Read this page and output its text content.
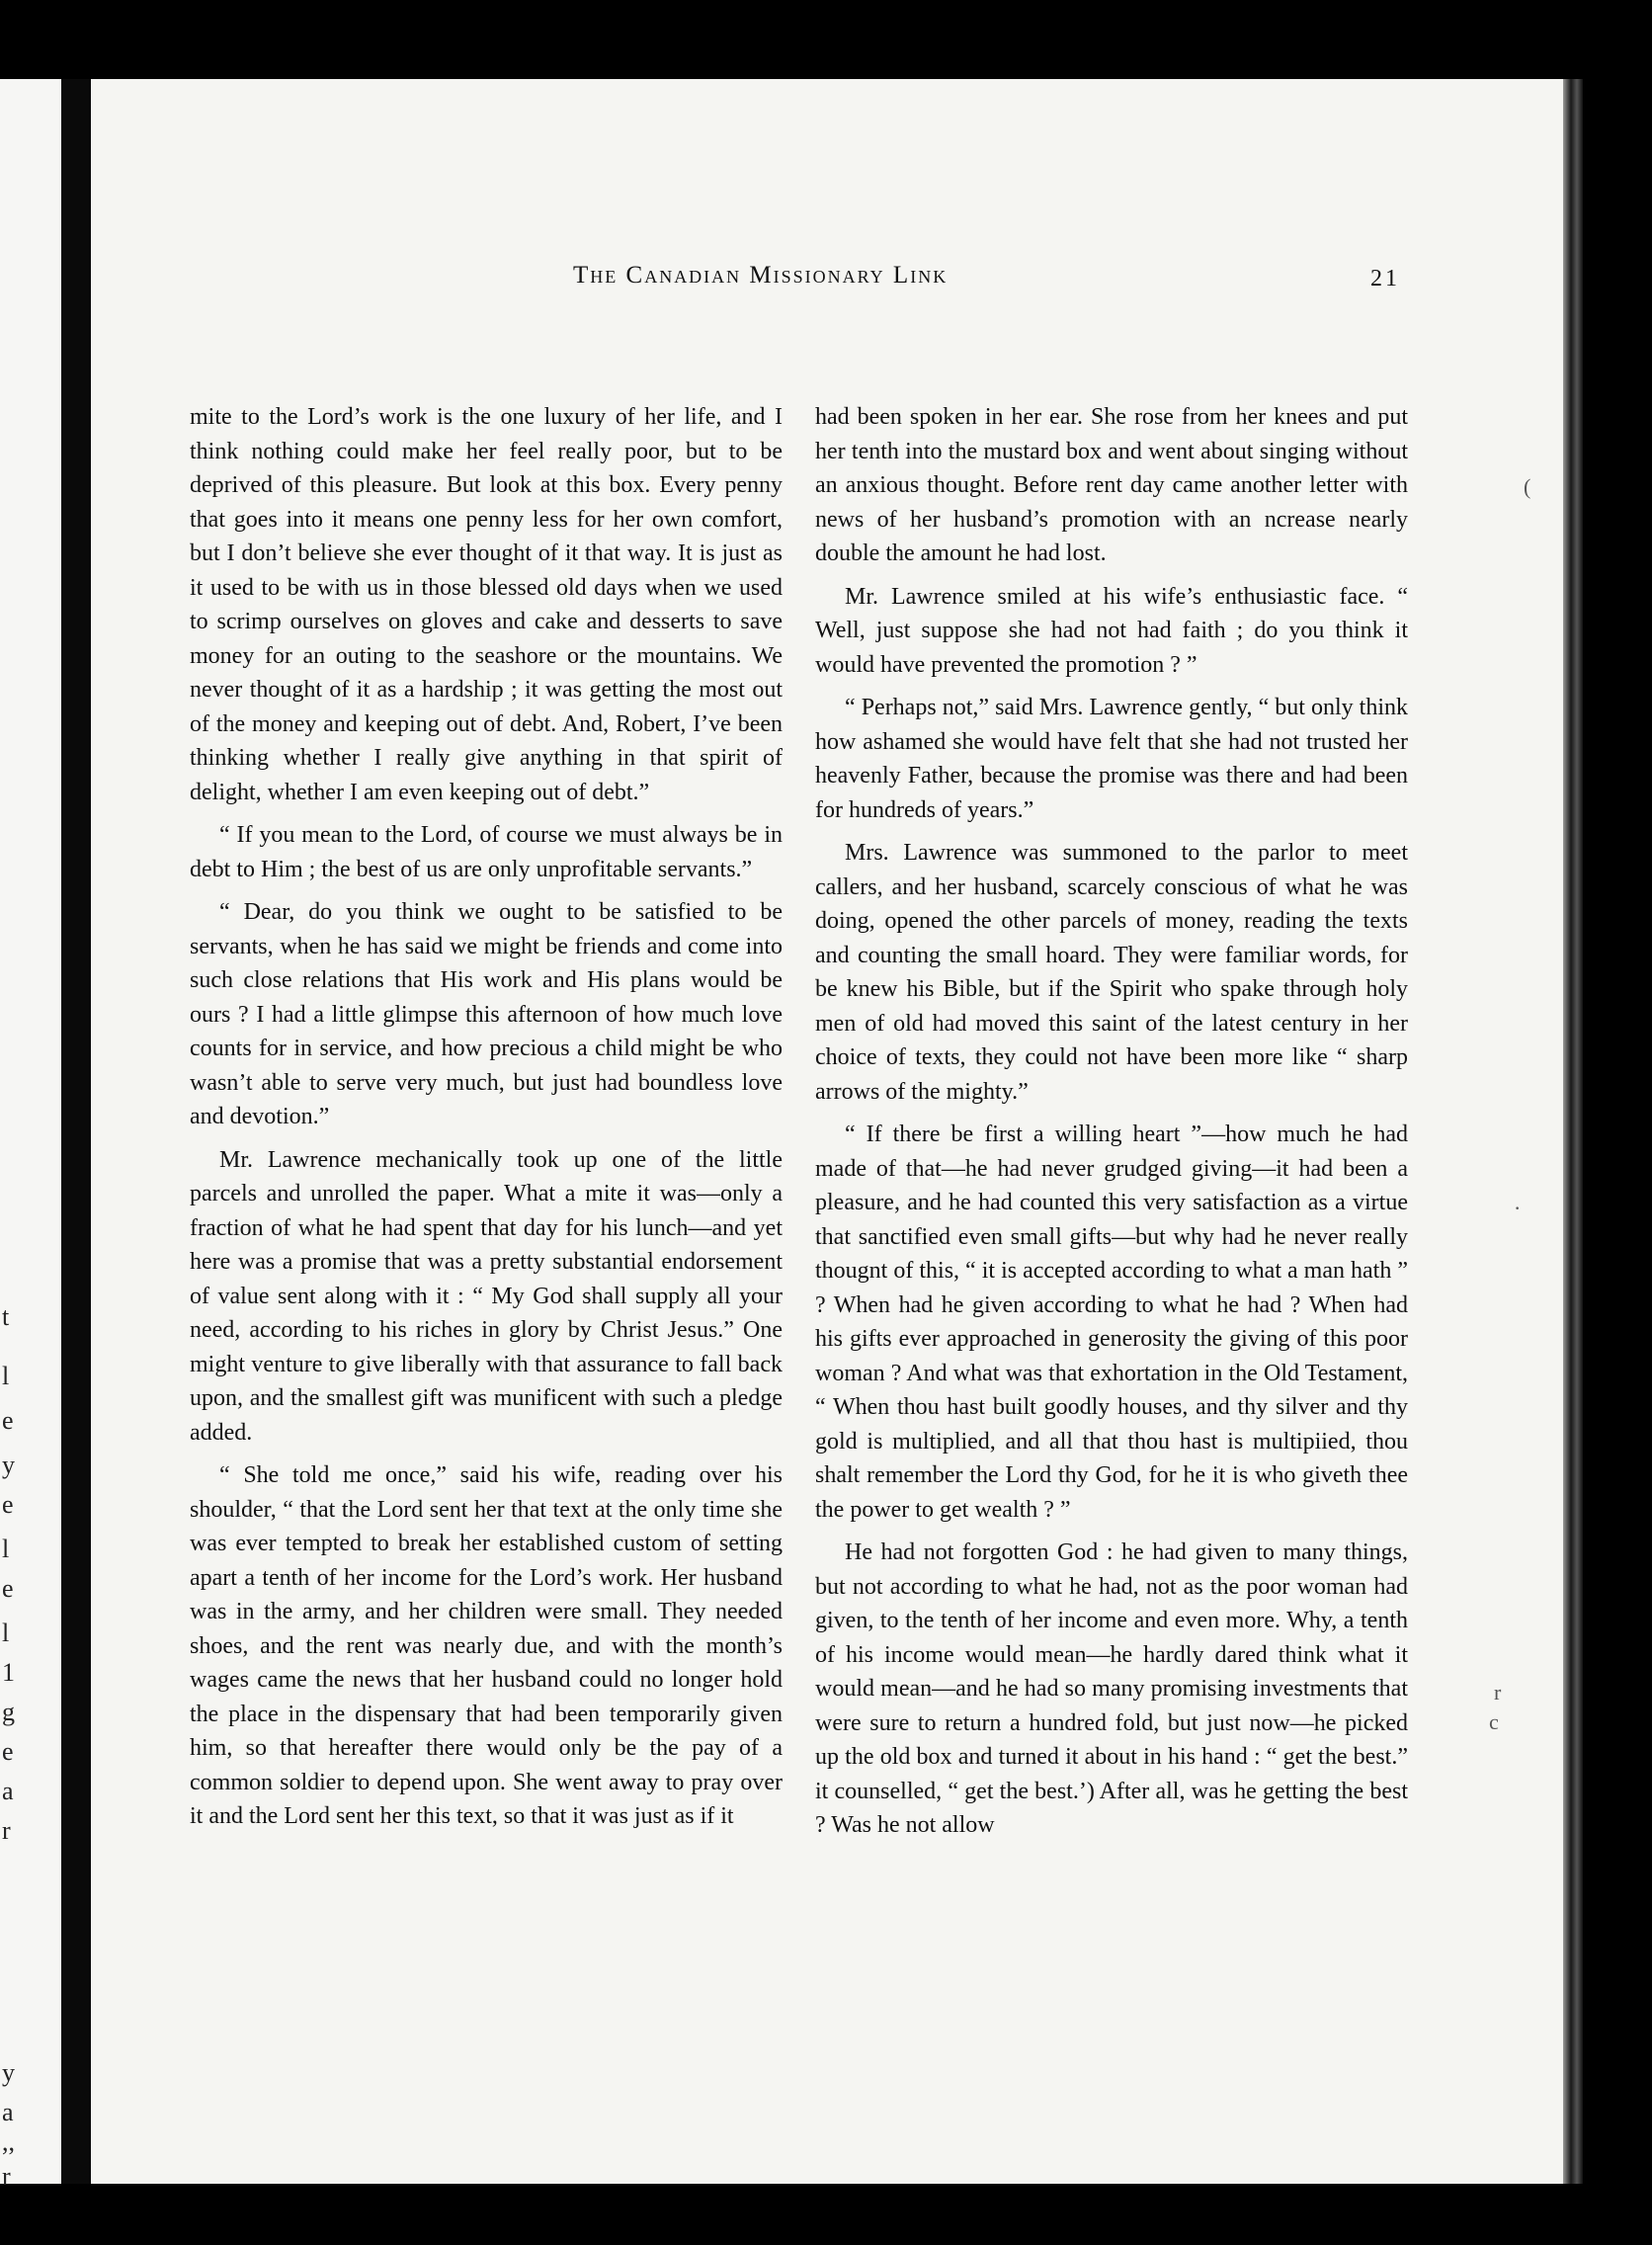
t
l
e
y
e
l
e
l
1
g
e
a
r
y
a
,,
r
The Canadian Missionary Link	21

mite to the Lord’s work is the one luxury of her life, and I think nothing could make her feel really poor, but to be deprived of this pleasure. But look at this box. Every penny that goes into it means one penny less for her own comfort, but I don’t believe she ever thought of it that way. It is just as it used to be with us in those blessed old days when we used to scrimp ourselves on gloves and cake and desserts to save money for an outing to the seashore or the mountains. We never thought of it as a hardship ; it was getting the most out of the money and keeping out of debt. And, Robert, I’ve been thinking whether I really give anything in that spirit of delight, whether I am even keeping out of debt.”

“ If you mean to the Lord, of course we must always be in debt to Him ; the best of us are only unprofitable servants.”

“ Dear, do you think we ought to be satisfied to be servants, when he has said we might be friends and come into such close relations that His work and His plans would be ours ? I had a little glimpse this afternoon of how much love counts for in service, and how precious a child might be who wasn’t able to serve very much, but just had boundless love and devotion.”

Mr. Lawrence mechanically took up one of the little parcels and unrolled the paper. What a mite it was—only a fraction of what he had spent that day for his lunch—and yet here was a promise that was a pretty substantial endorsement of value sent along with it : “ My God shall supply all your need, according to his riches in glory by Christ Jesus.” One might venture to give liberally with that assurance to fall back upon, and the smallest gift was munificent with such a pledge added.

“ She told me once,” said his wife, reading over his shoulder, “ that the Lord sent her that text at the only time she was ever tempted to break her established custom of setting apart a tenth of her income for the Lord’s work. Her husband was in the army, and her children were small. They needed shoes, and the rent was nearly due, and with the month’s wages came the news that her husband could no longer hold the place in the dispensary that had been temporarily given him, so that hereafter there would only be the pay of a common soldier to depend upon. She went away to pray over it and the Lord sent her this text, so that it was just as if it

had been spoken in her ear. She rose from her knees and put her tenth into the mustard box and went about singing without an anxious thought. Before rent day came another letter with news of her husband’s promotion with an ncrease nearly double the amount he had lost.

Mr. Lawrence smiled at his wife’s enthusiastic face. “ Well, just suppose she had not had faith ; do you think it would have prevented the promotion ? ”

“ Perhaps not,” said Mrs. Lawrence gently, “ but only think how ashamed she would have felt that she had not trusted her heavenly Father, because the promise was there and had been for hundreds of years.”

Mrs. Lawrence was summoned to the parlor to meet callers, and her husband, scarcely conscious of what he was doing, opened the other parcels of money, reading the texts and counting the small hoard. They were familiar words, for be knew his Bible, but if the Spirit who spake through holy men of old had moved this saint of the latest century in her choice of texts, they could not have been more like “ sharp arrows of the mighty.”

“ If there be first a willing heart ”—how much he had made of that—he had never grudged giving—it had been a pleasure, and he had counted this very satisfaction as a virtue that sanctified even small gifts—but why had he never really thougnt of this, “ it is accepted according to what a man hath ” ? When had he given according to what he had ? When had his gifts ever approached in generosity the giving of this poor woman ? And what was that exhortation in the Old Testament, “ When thou hast built goodly houses, and thy silver and thy gold is multiplied, and all that thou hast is multipiied, thou shalt remember the Lord thy God, for he it is who giveth thee the power to get wealth ? ”

He had not forgotten God : he had given to many things, but not according to what he had, not as the poor woman had given, to the tenth of her income and even more. Why, a tenth of his income would mean—he hardly dared think what it would mean—and he had so many promising investments that were sure to return a hundred fold, but just now—he picked up the old box and turned it about in his hand : “ get the best.” it counselled, “ get the best.’) After all, was he getting the best ? Was he not allow

(
·
r
c
